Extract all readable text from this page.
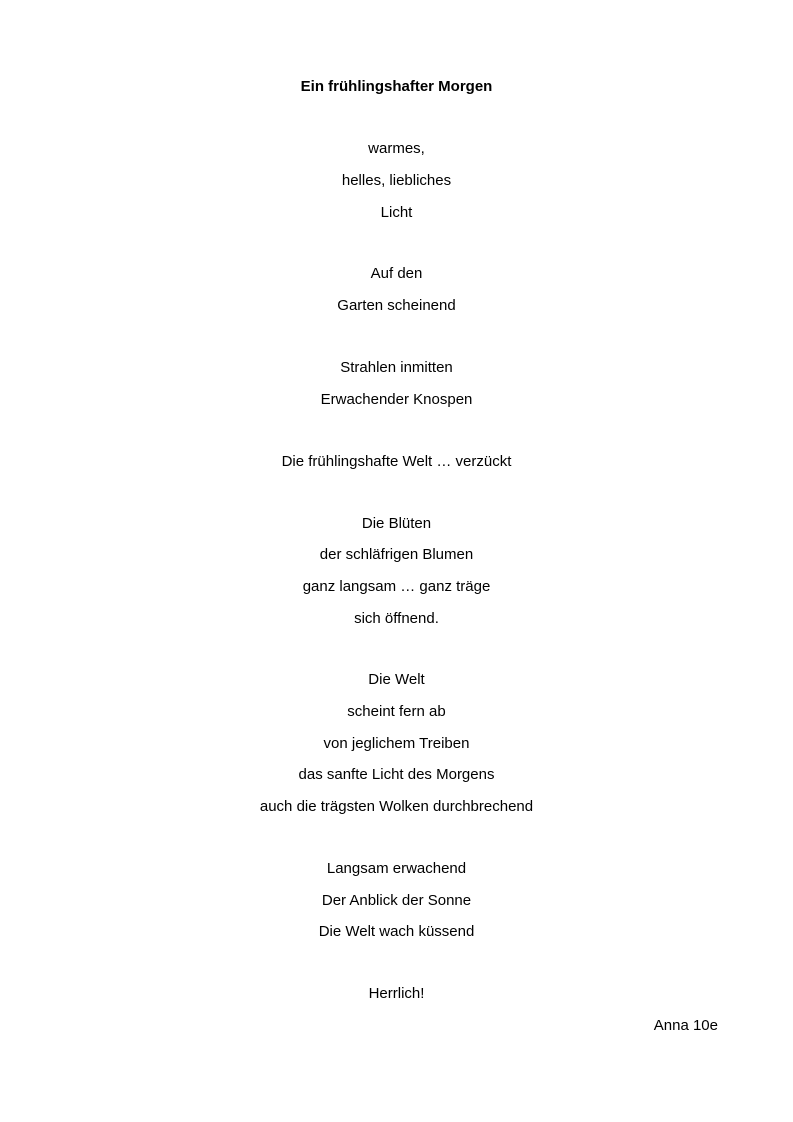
Ein frühlingshafter Morgen
warmes,
helles, liebliches
Licht
Auf den
Garten scheinend
Strahlen inmitten
Erwachender Knospen
Die frühlingshafte Welt … verzückt
Die Blüten
der schläfrigen Blumen
ganz langsam … ganz träge
sich öffnend.
Die Welt
scheint fern ab
von jeglichem Treiben
das sanfte Licht des Morgens
auch die trägsten Wolken durchbrechend
Langsam erwachend
Der Anblick der Sonne
Die Welt wach küssend
Herrlich!
Anna 10e
